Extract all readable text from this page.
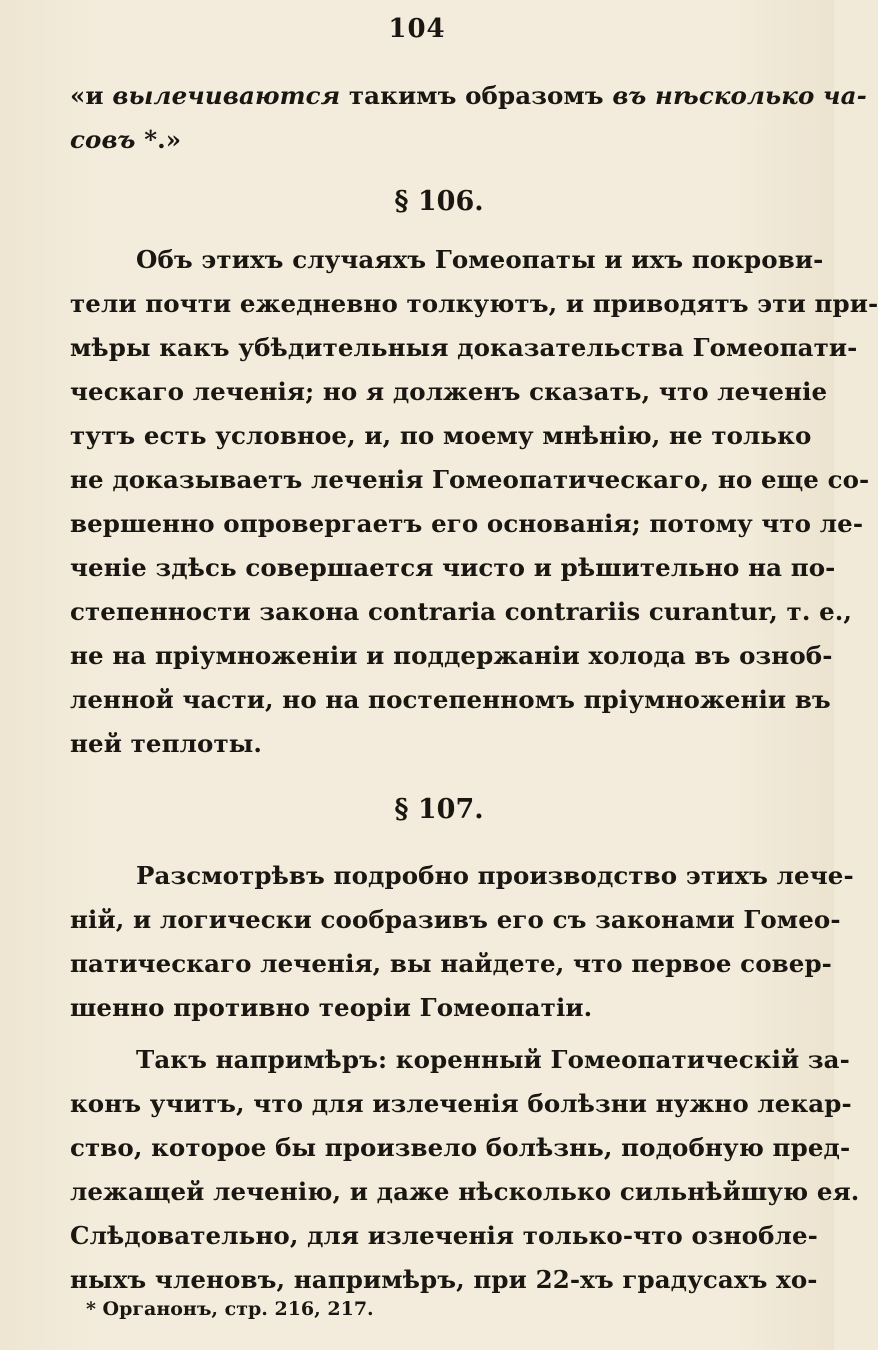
104
«и вылечиваются такимъ образомъ въ нѣсколько ча-
совъ *.»
§ 106.
Объ этихъ случаяхъ Гомеопаты и ихъ покрови-
тели почти ежедневно толкуютъ, и приводятъ эти при-
мѣры какъ убѣдительныя доказательства Гомеопати-
ческаго леченія; но я долженъ сказать, что леченіе
тутъ есть условное, и, по моему мнѣнію, не только
не доказываетъ леченія Гомеопатическаго, но еще со-
вершенно опровергаетъ его основанія; потому что ле-
ченіе здѣсь совершается чисто и рѣшительно на по-
степенности закона contraria contrariis curantur, т. е.,
не на пріумноженіи и поддержаніи холода въ озноб-
ленной части, но на постепенномъ пріумноженіи въ
ней теплоты.
§ 107.
Разсмотрѣвъ подробно производство этихъ лече-
ній, и логически сообразивъ его съ законами Гомео-
патическаго леченія, вы найдете, что первое совер-
шенно противно теоріи Гомеопатіи.
Такъ напримѣръ: коренный Гомеопатическій за-
конъ учитъ, что для излеченія болѣзни нужно лекар-
ство, которое бы произвело болѣзнь, подобную пред-
лежащей леченію, и даже нѣсколько сильнѣйшую ея.
Слѣдовательно, для излеченія только-что ознобле-
ныхъ членовъ, напримѣръ, при 22-хъ градусахъ хо-
* Органонъ, стр. 216, 217.
